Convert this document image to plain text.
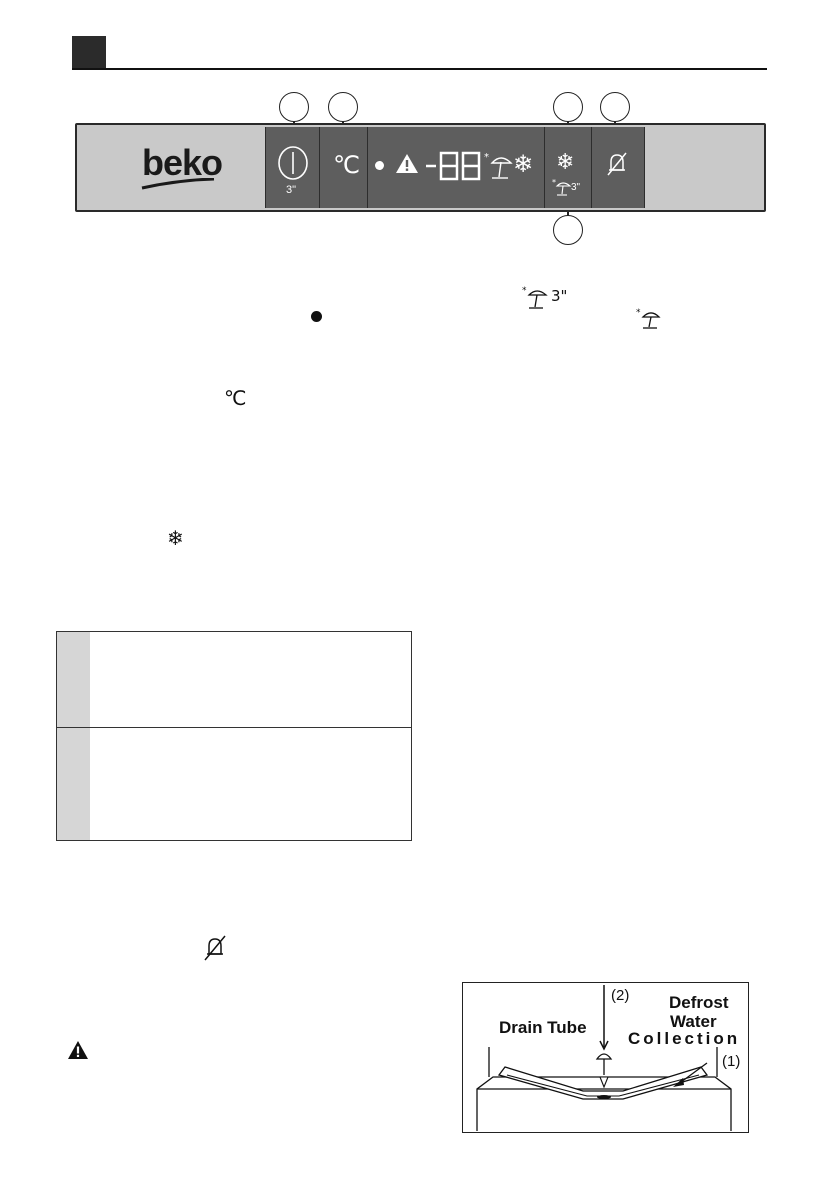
beko
3"
℃	* ❄ ❄
* 3"
* 3"
*
℃
❄
(2) Defrost
Water
Collection
Drain Tube
(1)
